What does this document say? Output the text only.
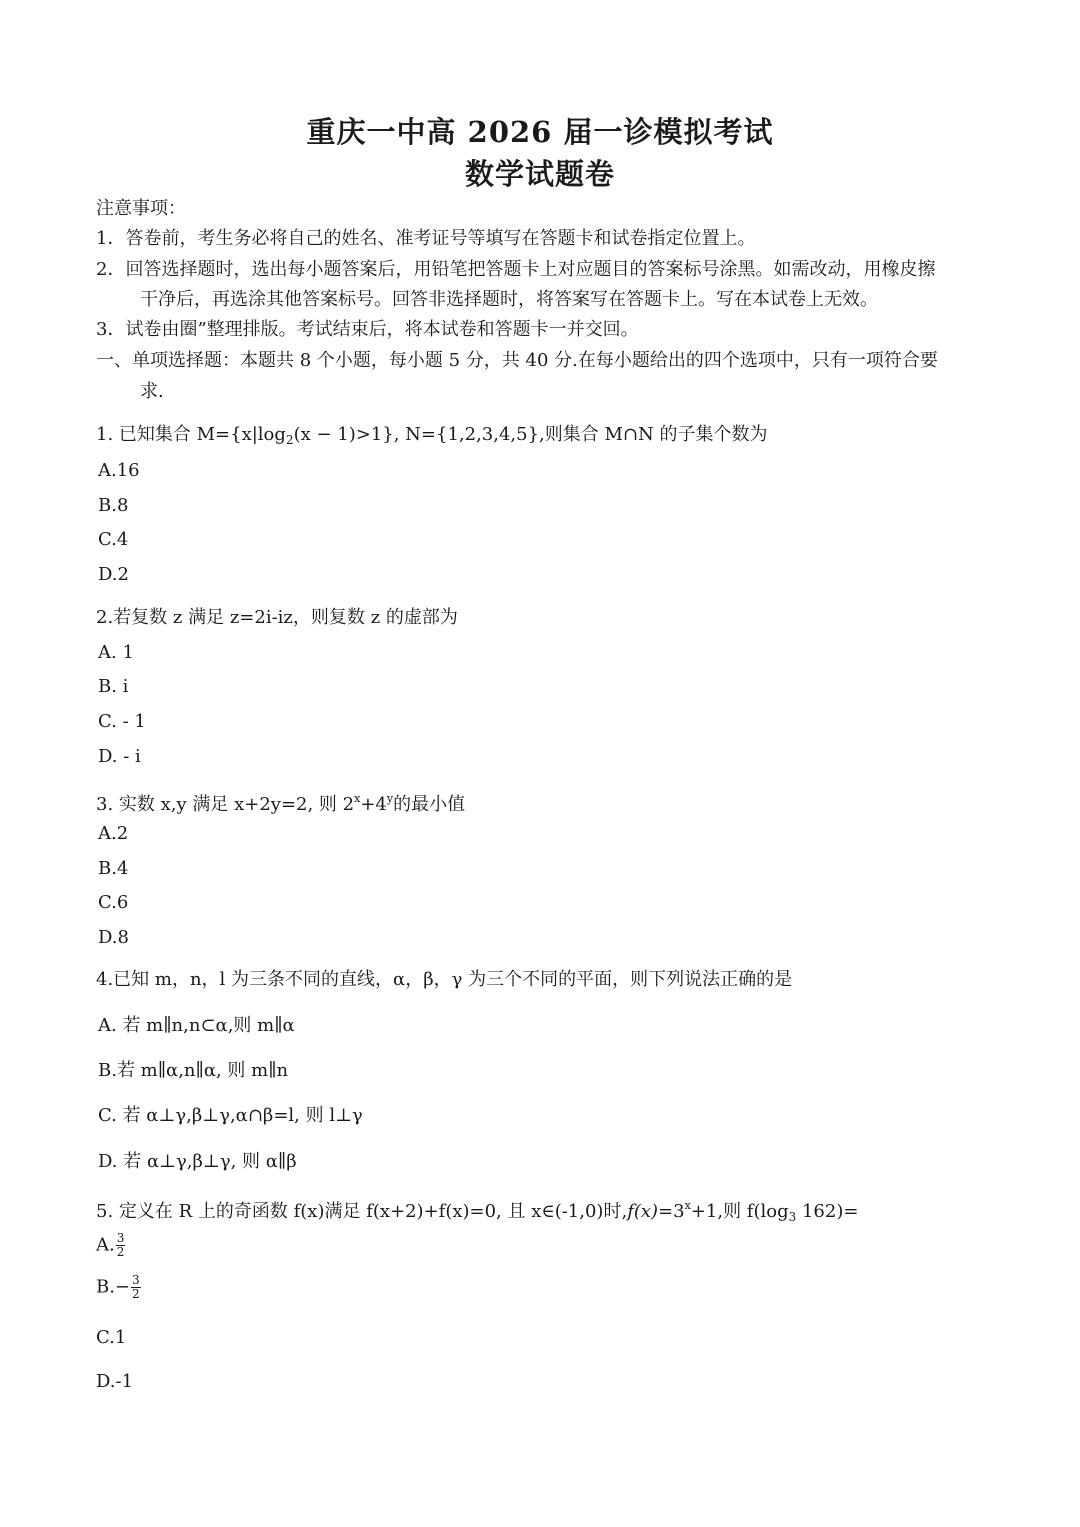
重庆一中高 2026 届一诊模拟考试
数学试题卷
注意事项：
1．答卷前，考生务必将自己的姓名、准考证号等填写在答题卡和试卷指定位置上。
2．回答选择题时，选出每小题答案后，用铅笔把答题卡上对应题目的答案标号涂黑。如需改动，用橡皮擦
干净后，再选涂其他答案标号。回答非选择题时，将答案写在答题卡上。写在本试卷上无效。
3．试卷由圈”整理排版。考试结束后，将本试卷和答题卡一并交回。
一、单项选择题：本题共 8 个小题，每小题 5 分，共 40 分.在每小题给出的四个选项中，只有一项符合要
求.
1. 已知集合 $M=\{x|\log_2(x - 1)>1\}$, N={1,2,3,4,5},则集合 M∩N 的子集个数为
A.16
B.8
C.4
D.2
2.若复数 z 满足 z=2i-iz，则复数 z 的虚部为
A. 1
B. i
C. - 1
D. - i
3. 实数 x,y 满足 x+2y=2, 则 $2^x+4^y$的最小值
A.2
B.4
C.6
D.8
4.已知 m，n，l 为三条不同的直线，α，β，γ 为三个不同的平面，则下列说法正确的是
A. 若 m∥n,n⊂α,则 m∥α
B.若 m∥α,n∥α, 则 m∥n
C. 若 α⊥γ,β⊥γ,α∩β=l, 则 l⊥γ
D. 若 α⊥γ,β⊥γ, 则 α∥β
5. 定义在 R 上的奇函数 f(x)满足 f(x+2)+f(x)=0, 且 x∈(-1,0)时$,f(x)=3^x+1$,则 $f(\log_3$ 162)=
A. $\frac{3}{2}$
$B.- \frac{3}{2}$
C.1
D.-1
